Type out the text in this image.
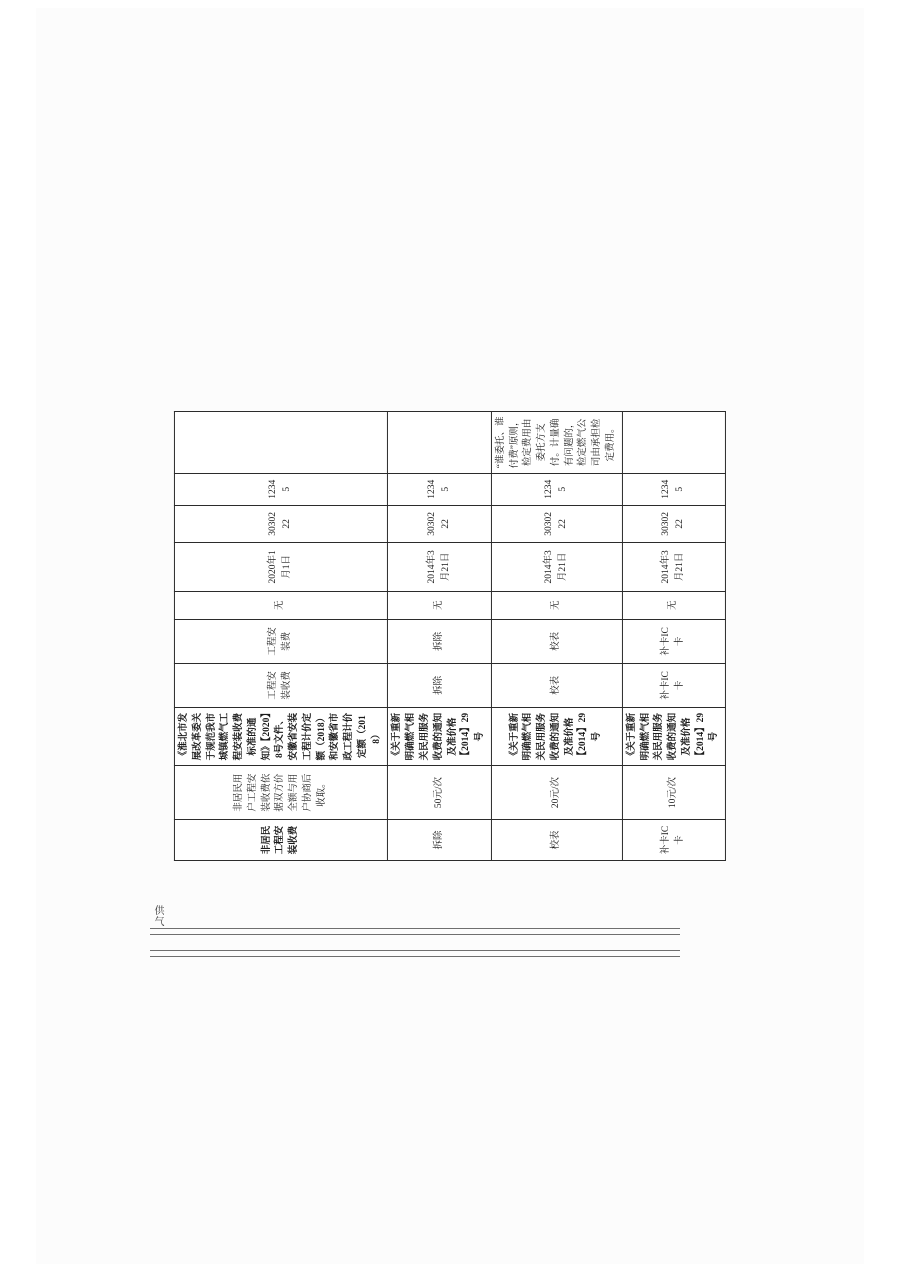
非居民工程安装收费	非居民用户工程安装收费依据双方价全额与用户协商后收取。	《淮北市发展改革委关于规范我市城镇燃气工程安装收费标准的通知》【2020】8号文件、安徽省安装工程计价定额（2018）和安徽省市政工程计价定额（2018）	工程安装收费	工程安装费	无	2020年1月1日	3030222	12345	
拆除	50元/次	《关于重新明确燃气相关民用服务收费的通知及准价格【2014】29号	拆除	拆除	无	2014年3月21日	3030222	12345	
校表	20元/次	《关于重新明确燃气相关民用服务收费的通知及准价格【2014】29号	校表	校表	无	2014年3月21日	3030222	12345	“谁委托、谁付费”原则，检定费用由委托方支付。计量确有问题的，检定燃气公司由承担检定费用。
补卡IC卡	10元/次	《关于重新明确燃气相关民用服务收费的通知及准价格【2014】29号	补卡IC卡	补卡IC卡	无	2014年3月21日	3030222	12345	
供气
